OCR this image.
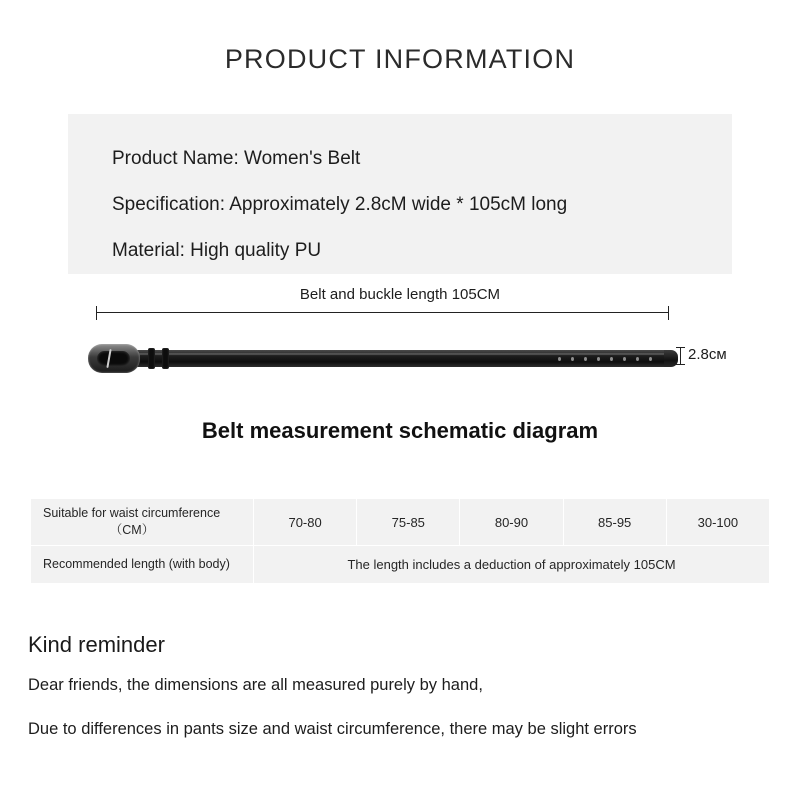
PRODUCT INFORMATION
Product Name: Women's Belt
Specification: Approximately 2.8cM wide * 105cM long
Material: High quality PU
Belt and buckle length 105CM
2.8cм
Belt measurement schematic diagram
Suitable for waist circumference
（CM）	70-80	75-85	80-90	85-95	30-100
Recommended length (with body)	The length includes a deduction of approximately 105CM				
Kind reminder

Dear friends, the dimensions are all measured purely by hand,

Due to differences in pants size and waist circumference, there may be slight errors
